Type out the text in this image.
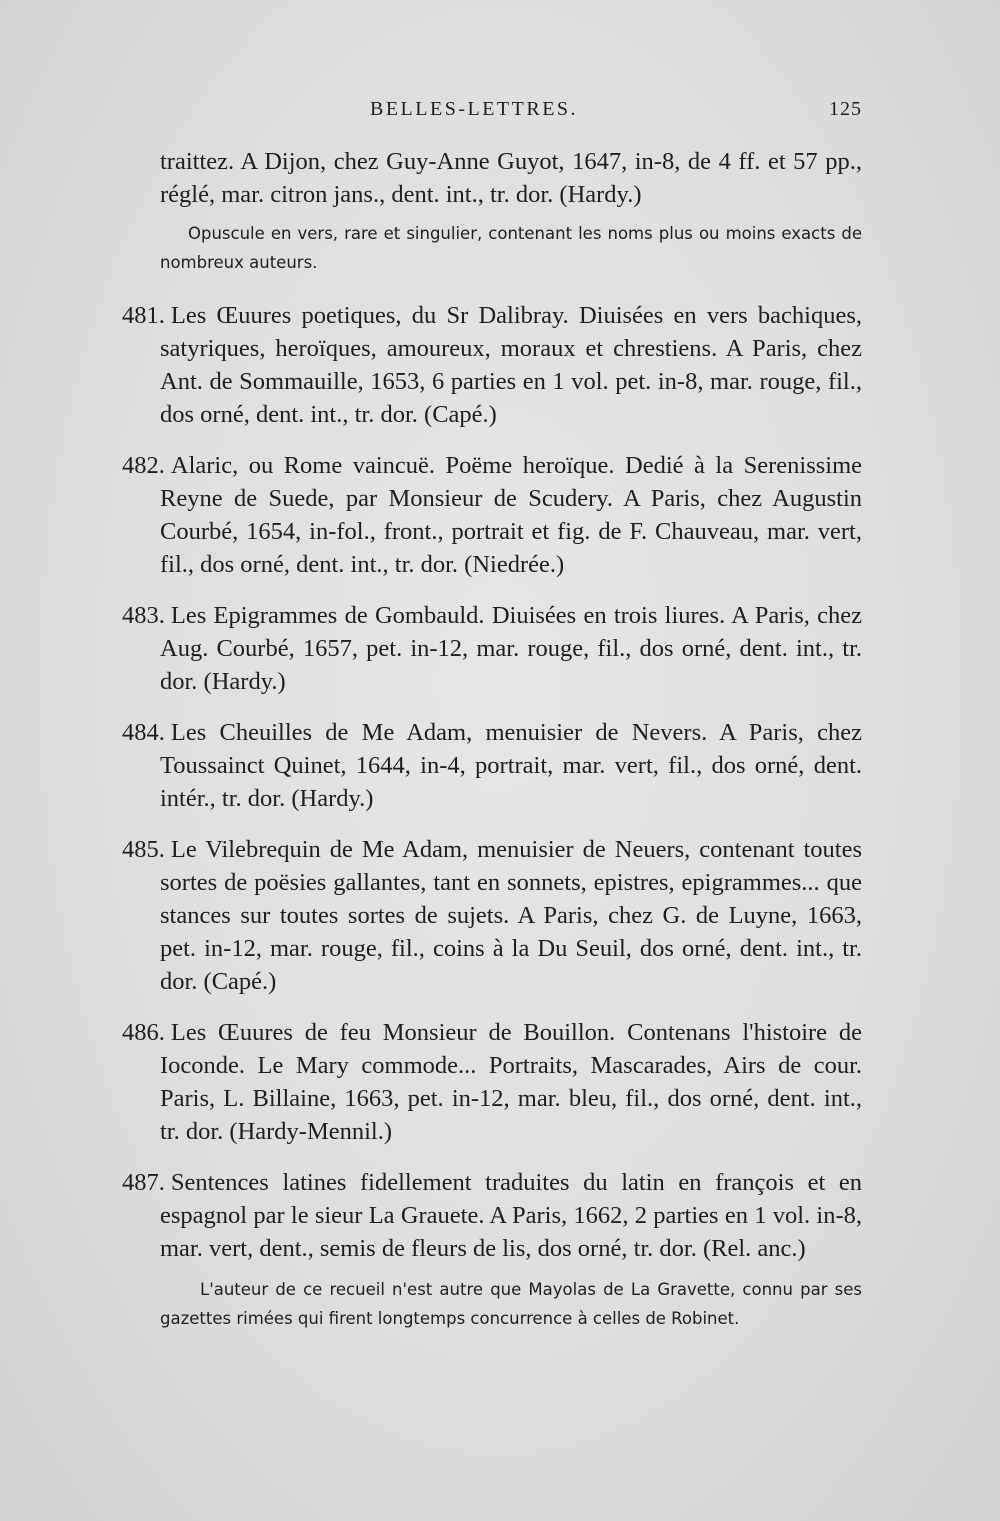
BELLES-LETTRES.	125

traittez. A Dijon, chez Guy-Anne Guyot, 1647, in-8, de 4 ff. et 57 pp., réglé, mar. citron jans., dent. int., tr. dor. (Hardy.)

Opuscule en vers, rare et singulier, contenant les noms plus ou moins exacts de nombreux auteurs.

481. Les Œuures poetiques, du Sr Dalibray. Diuisées en vers bachiques, satyriques, heroïques, amoureux, moraux et chrestiens. A Paris, chez Ant. de Sommauille, 1653, 6 parties en 1 vol. pet. in-8, mar. rouge, fil., dos orné, dent. int., tr. dor. (Capé.)

482. Alaric, ou Rome vaincuë. Poëme heroïque. Dedié à la Serenissime Reyne de Suede, par Monsieur de Scudery. A Paris, chez Augustin Courbé, 1654, in-fol., front., portrait et fig. de F. Chauveau, mar. vert, fil., dos orné, dent. int., tr. dor. (Niedrée.)

483. Les Epigrammes de Gombauld. Diuisées en trois liures. A Paris, chez Aug. Courbé, 1657, pet. in-12, mar. rouge, fil., dos orné, dent. int., tr. dor. (Hardy.)

484. Les Cheuilles de Me Adam, menuisier de Nevers. A Paris, chez Toussainct Quinet, 1644, in-4, portrait, mar. vert, fil., dos orné, dent. intér., tr. dor. (Hardy.)

485. Le Vilebrequin de Me Adam, menuisier de Neuers, contenant toutes sortes de poësies gallantes, tant en sonnets, epistres, epigrammes... que stances sur toutes sortes de sujets. A Paris, chez G. de Luyne, 1663, pet. in-12, mar. rouge, fil., coins à la Du Seuil, dos orné, dent. int., tr. dor. (Capé.)

486. Les Œuures de feu Monsieur de Bouillon. Contenans l'histoire de Ioconde. Le Mary commode... Portraits, Mascarades, Airs de cour. Paris, L. Billaine, 1663, pet. in-12, mar. bleu, fil., dos orné, dent. int., tr. dor. (Hardy-Mennil.)

487. Sentences latines fidellement traduites du latin en françois et en espagnol par le sieur La Grauete. A Paris, 1662, 2 parties en 1 vol. in-8, mar. vert, dent., semis de fleurs de lis, dos orné, tr. dor. (Rel. anc.)

L'auteur de ce recueil n'est autre que Mayolas de La Gravette, connu par ses gazettes rimées qui firent longtemps concurrence à celles de Robinet.
